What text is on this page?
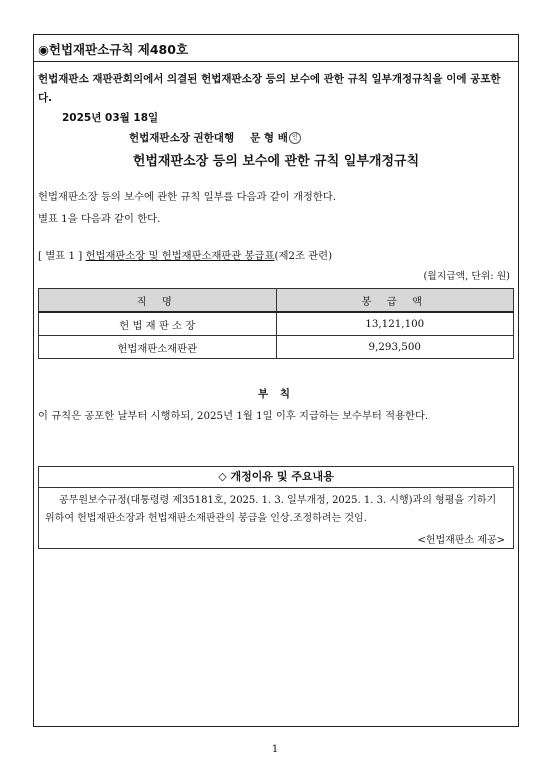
◉헌법재판소규칙 제480호
헌법재판소 재판관회의에서 의결된 헌법재판소장 등의 보수에 관한 규칙 일부개정규칙을 이에 공포한다.
2025년 03월 18일
헌법재판소장 권한대행 문 형 배 인
헌법재판소장 등의 보수에 관한 규칙 일부개정규칙
헌법재판소장 등의 보수에 관한 규칙 일부를 다음과 같이 개정한다.
별표 1을 다음과 같이 한다.
[ 별표 1 ] 헌법재판소장 및 헌법재판소재판관 봉급표(제2조 관련)
(월지급액, 단위: 원)
직 명	봉 급 액
헌 법 재 판 소 장	13,121,100
헌법재판소재판관	9,293,500
부 칙
이 규칙은 공포한 날부터 시행하되, 2025년 1월 1일 이후 지급하는 보수부터 적용한다.
◇ 개정이유 및 주요내용
공무원보수규정(대통령령 제35181호, 2025. 1. 3. 일부개정, 2025. 1. 3. 시행)과의 형평을 기하기 위하여 헌법재판소장과 헌법재판소재판관의 봉급을 인상․조정하려는 것임.
<헌법재판소 제공>
1
